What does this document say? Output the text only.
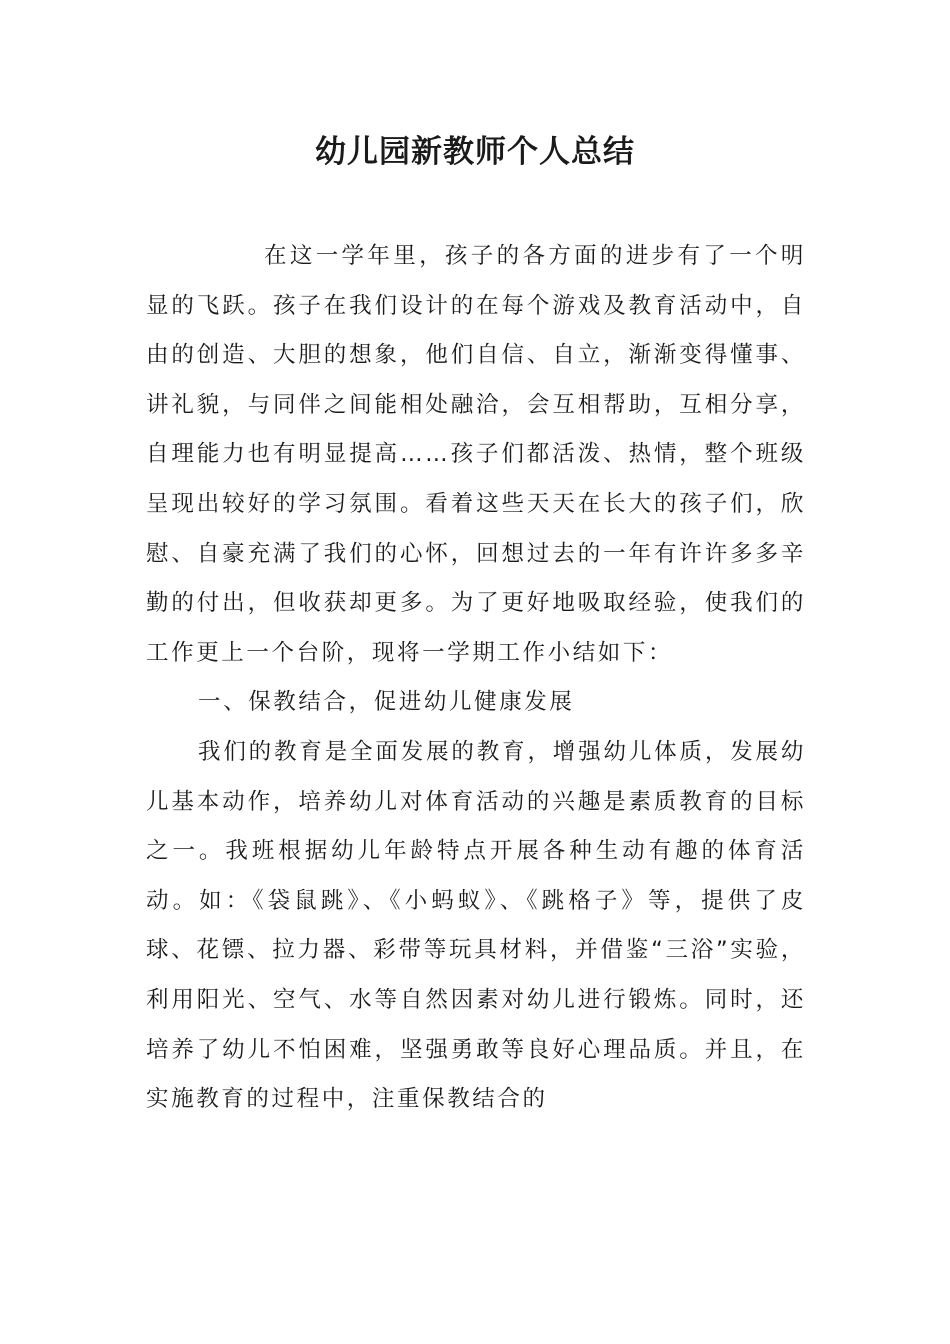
幼儿园新教师个人总结

在这一学年里，孩子的各方面的进步有了一个明显的飞跃。孩子在我们设计的在每个游戏及教育活动中，自由的创造、大胆的想象，他们自信、自立，渐渐变得懂事、讲礼貌，与同伴之间能相处融洽，会互相帮助，互相分享，自理能力也有明显提高……孩子们都活泼、热情，整个班级呈现出较好的学习氛围。看着这些天天在长大的孩子们，欣慰、自豪充满了我们的心怀，回想过去的一年有许许多多辛勤的付出，但收获却更多。为了更好地吸取经验，使我们的工作更上一个台阶，现将一学期工作小结如下：

一、保教结合，促进幼儿健康发展

我们的教育是全面发展的教育，增强幼儿体质，发展幼儿基本动作，培养幼儿对体育活动的兴趣是素质教育的目标之一。我班根据幼儿年龄特点开展各种生动有趣的体育活动。如：《袋鼠跳》、《小蚂蚁》、《跳格子》等，提供了皮球、花镖、拉力器、彩带等玩具材料，并借鉴“三浴”实验，利用阳光、空气、水等自然因素对幼儿进行锻炼。同时，还培养了幼儿不怕困难，坚强勇敢等良好心理品质。并且，在实施教育的过程中，注重保教结合的
